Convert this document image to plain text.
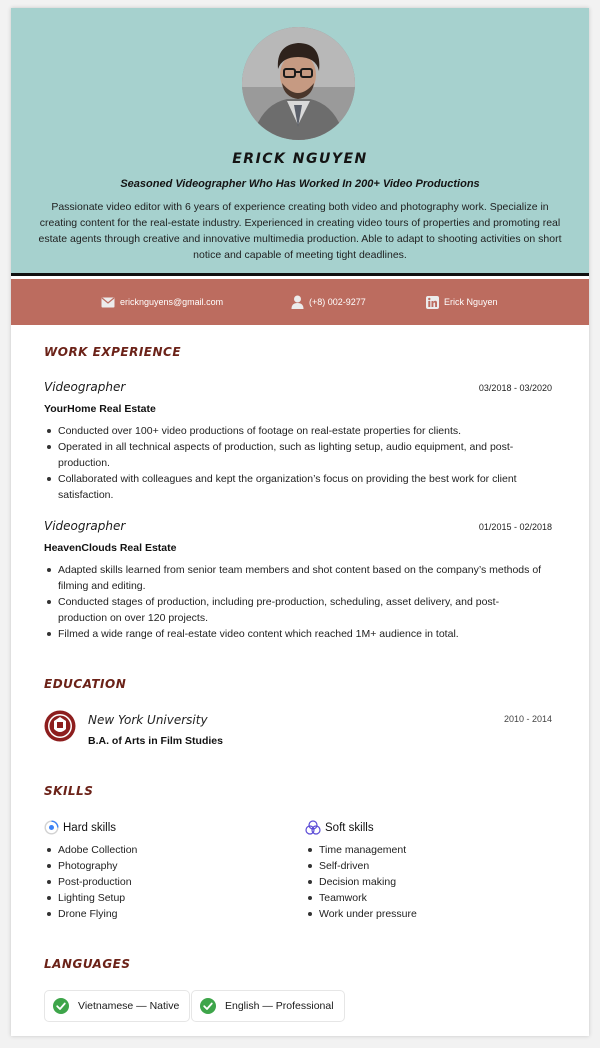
ERICK NGUYEN
Seasoned Videographer Who Has Worked In 200+ Video Productions
Passionate video editor with 6 years of experience creating both video and photography work. Specialize in creating content for the real-estate industry. Experienced in creating video tours of properties and promoting real estate agents through creative and innovative multimedia production. Able to adapt to shooting activities on short notice and capable of meeting tight deadlines.
ericknguyens@gmail.com	(+8) 002-9277	Erick Nguyen
WORK EXPERIENCE
Videographer	03/2018 - 03/2020
YourHome Real Estate
Conducted over 100+ video productions of footage on real-estate properties for clients.
Operated in all technical aspects of production, such as lighting setup, audio equipment, and post-production.
Collaborated with colleagues and kept the organization’s focus on providing the best work for client satisfaction.
Videographer	01/2015 - 02/2018
HeavenClouds Real Estate
Adapted skills learned from senior team members and shot content based on the company’s methods of filming and editing.
Conducted stages of production, including pre-production, scheduling, asset delivery, and post-production on over 120 projects.
Filmed a wide range of real-estate video content which reached 1M+ audience in total.
EDUCATION
New York University
B.A. of Arts in Film Studies
2010 - 2014
SKILLS
Hard skills
Adobe Collection
Photography
Post-production
Lighting Setup
Drone Flying
Soft skills
Time management
Self-driven
Decision making
Teamwork
Work under pressure
LANGUAGES
Vietnamese — Native	English — Professional
